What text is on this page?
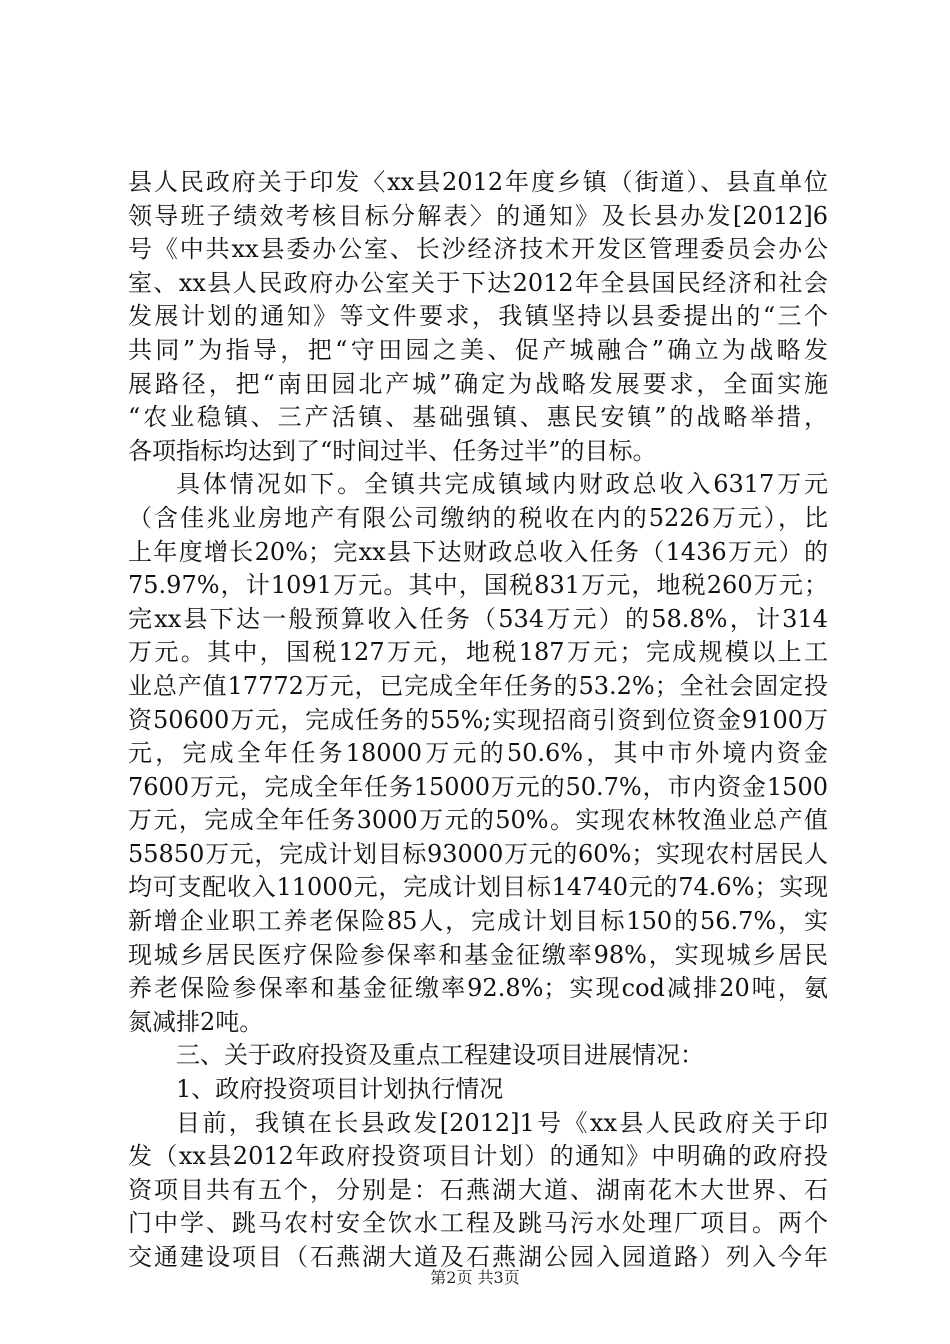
县人民政府关于印发〈xx县2012年度乡镇（街道）、县直单位
领导班子绩效考核目标分解表〉的通知》及长县办发[2012]6
号《中共xx县委办公室、长沙经济技术开发区管理委员会办公
室、xx县人民政府办公室关于下达2012年全县国民经济和社会
发展计划的通知》等文件要求，我镇坚持以县委提出的“三个
共同”为指导，把“守田园之美、促产城融合”确立为战略发
展路径，把“南田园北产城”确定为战略发展要求，全面实施
“农业稳镇、三产活镇、基础强镇、惠民安镇”的战略举措，
各项指标均达到了“时间过半、任务过半”的目标。
具体情况如下。全镇共完成镇域内财政总收入6317万元
（含佳兆业房地产有限公司缴纳的税收在内的5226万元），比
上年度增长20%；完xx县下达财政总收入任务（1436万元）的
75.97%，计1091万元。其中，国税831万元，地税260万元；
完xx县下达一般预算收入任务（534万元）的58.8%，计314
万元。其中，国税127万元，地税187万元；完成规模以上工
业总产值17772万元，已完成全年任务的53.2%；全社会固定投
资50600万元，完成任务的55%;实现招商引资到位资金9100万
元，完成全年任务18000万元的50.6%，其中市外境内资金
7600万元，完成全年任务15000万元的50.7%，市内资金1500
万元，完成全年任务3000万元的50%。实现农林牧渔业总产值
55850万元，完成计划目标93000万元的60%；实现农村居民人
均可支配收入11000元，完成计划目标14740元的74.6%；实现
新增企业职工养老保险85人，完成计划目标150的56.7%，实
现城乡居民医疗保险参保率和基金征缴率98%，实现城乡居民
养老保险参保率和基金征缴率92.8%；实现cod减排20吨，氨
氮减排2吨。
三、关于政府投资及重点工程建设项目进展情况：
1、政府投资项目计划执行情况
目前，我镇在长县政发[2012]1号《xx县人民政府关于印
发（xx县2012年政府投资项目计划）的通知》中明确的政府投
资项目共有五个，分别是：石燕湖大道、湖南花木大世界、石
门中学、跳马农村安全饮水工程及跳马污水处理厂项目。两个
交通建设项目（石燕湖大道及石燕湖公园入园道路）列入今年
第2页 共3页
